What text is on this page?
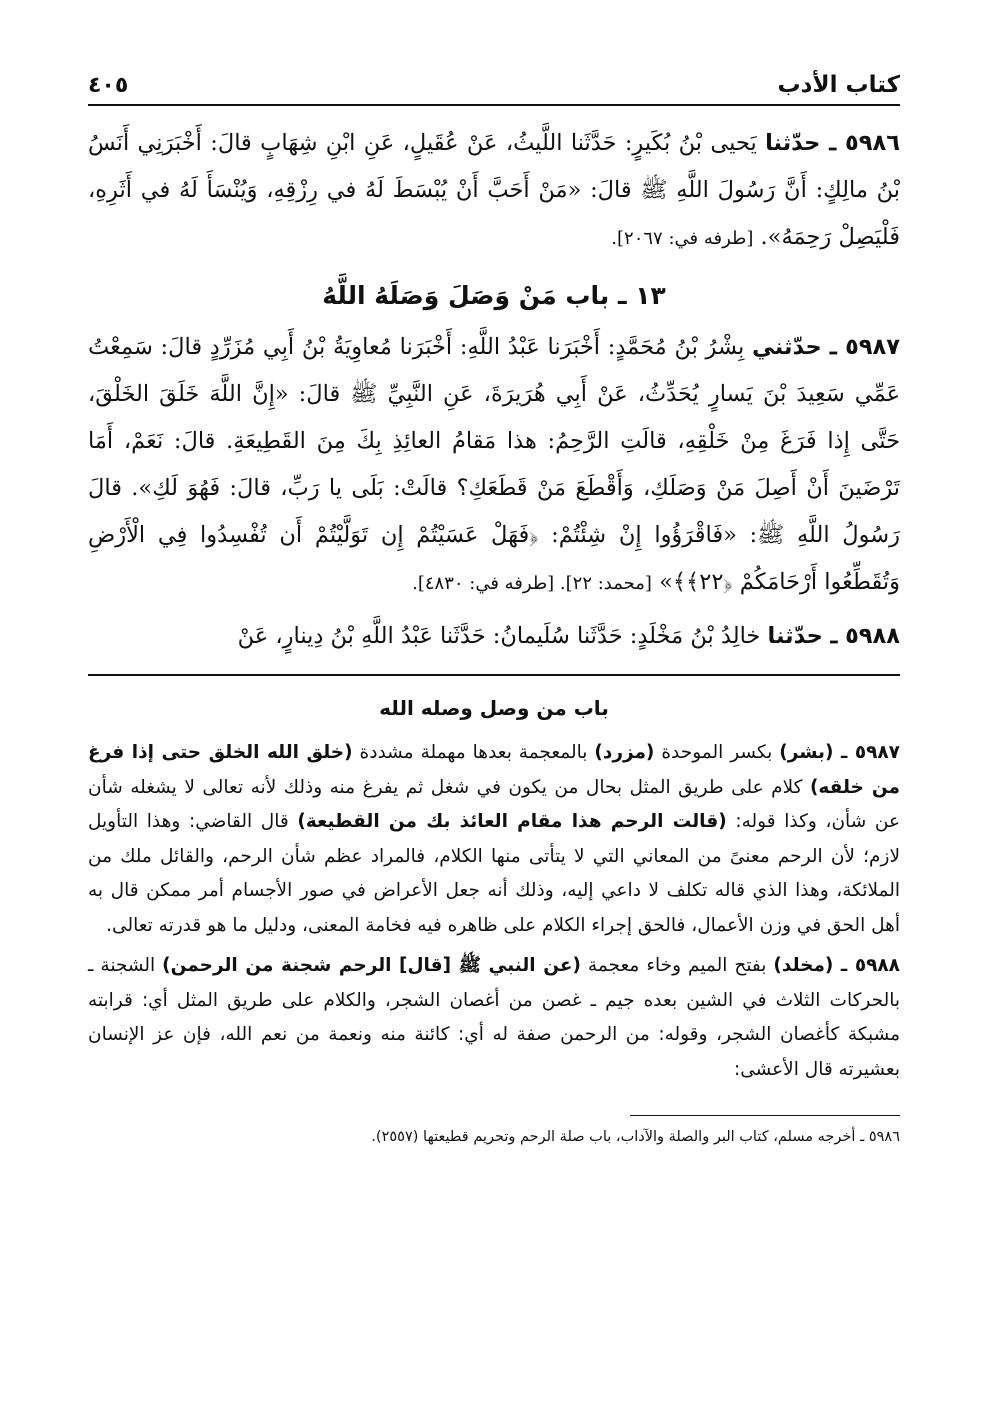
كتاب الأدب
٤٠٥

٥٩٨٦ ـ حدّثنا يَحيى بْنُ بُكَيرٍ: حَدَّثَنا اللَّيثُ، عَنْ عُقَيلٍ، عَنِ ابْنِ شِهَابٍ قالَ: أَخْبَرَنِي أَنَسُ بْنُ مالِكٍ: أَنَّ رَسُولَ اللَّهِ ﷺ قالَ: «مَنْ أَحَبَّ أَنْ يُبْسَطَ لَهُ في رِزْقِهِ، وَيُنْسَأَ لَهُ في أَثَرِهِ، فَلْيَصِلْ رَحِمَهُ». [طرفه في: ٢٠٦٧].

١٣ ـ باب مَنْ وَصَلَ وَصَلَهُ اللَّهُ

٥٩٨٧ ـ حدّثني بِشْرُ بْنُ مُحَمَّدٍ: أَخْبَرَنا عَبْدُ اللَّهِ: أَخْبَرَنا مُعاوِيَةُ بْنُ أَبِي مُزَرِّدٍ قالَ: سَمِعْتُ عَمِّي سَعِيدَ بْنَ يَسارٍ يُحَدِّثُ، عَنْ أَبِي هُرَيرَةَ، عَنِ النَّبِيِّ ﷺ قالَ: «إِنَّ اللَّهَ خَلَقَ الخَلْقَ، حَتَّى إِذا فَرَغَ مِنْ خَلْقِهِ، قالَتِ الرَّحِمُ: هذا مَقامُ العائِذِ بِكَ مِنَ القَطِيعَةِ. قالَ: نَعَمْ، أَمَا تَرْضَينَ أَنْ أَصِلَ مَنْ وَصَلَكِ، وَأَقْطَعَ مَنْ قَطَعَكِ؟ قالَتْ: بَلَى يا رَبِّ، قالَ: فَهُوَ لَكِ». قالَ رَسُولُ اللَّهِ ﷺ: «فَاقْرَؤُوا إِنْ شِئْتُمْ: ﴿فَهَلْ عَسَيْتُمْ إِن تَوَلَّيْتُمْ أَن تُفْسِدُوا فِي الْأَرْضِ وَتُقَطِّعُوا أَرْحَامَكُمْ ﴿٢٢﴾﴾» [محمد: ٢٢]. [طرفه في: ٤٨٣٠].

٥٩٨٨ ـ حدّثنا خالِدُ بْنُ مَخْلَدٍ: حَدَّثَنا سُلَيمانُ: حَدَّثَنا عَبْدُ اللَّهِ بْنُ دِينارٍ، عَنْ

باب من وصل وصله الله

٥٩٨٧ ـ (بشر) بكسر الموحدة (مزرد) بالمعجمة بعدها مهملة مشددة (خلق الله الخلق حتى إذا فرغ من خلقه) كلام على طريق المثل بحال من يكون في شغل ثم يفرغ منه وذلك لأنه تعالى لا يشغله شأن عن شأن، وكذا قوله: (قالت الرحم هذا مقام العائذ بك من القطيعة) قال القاضي: وهذا التأويل لازم؛ لأن الرحم معنىً من المعاني التي لا يتأتى منها الكلام، فالمراد عظم شأن الرحم، والقائل ملك من الملائكة، وهذا الذي قاله تكلف لا داعي إليه، وذلك أنه جعل الأعراض في صور الأجسام أمر ممكن قال به أهل الحق في وزن الأعمال، فالحق إجراء الكلام على ظاهره فيه فخامة المعنى، ودليل ما هو قدرته تعالى.

٥٩٨٨ ـ (مخلد) بفتح الميم وخاء معجمة (عن النبي ﷺ [قال] الرحم شجنة من الرحمن) الشجنة ـ بالحركات الثلاث في الشين بعده جيم ـ غصن من أغصان الشجر، والكلام على طريق المثل أي: قرابته مشبكة كأغصان الشجر، وقوله: من الرحمن صفة له أي: كائنة منه ونعمة من نعم الله، فإن عز الإنسان بعشيرته قال الأعشى:

٥٩٨٦ ـ أخرجه مسلم، كتاب البر والصلة والآداب، باب صلة الرحم وتحريم قطيعتها (٢٥٥٧).
